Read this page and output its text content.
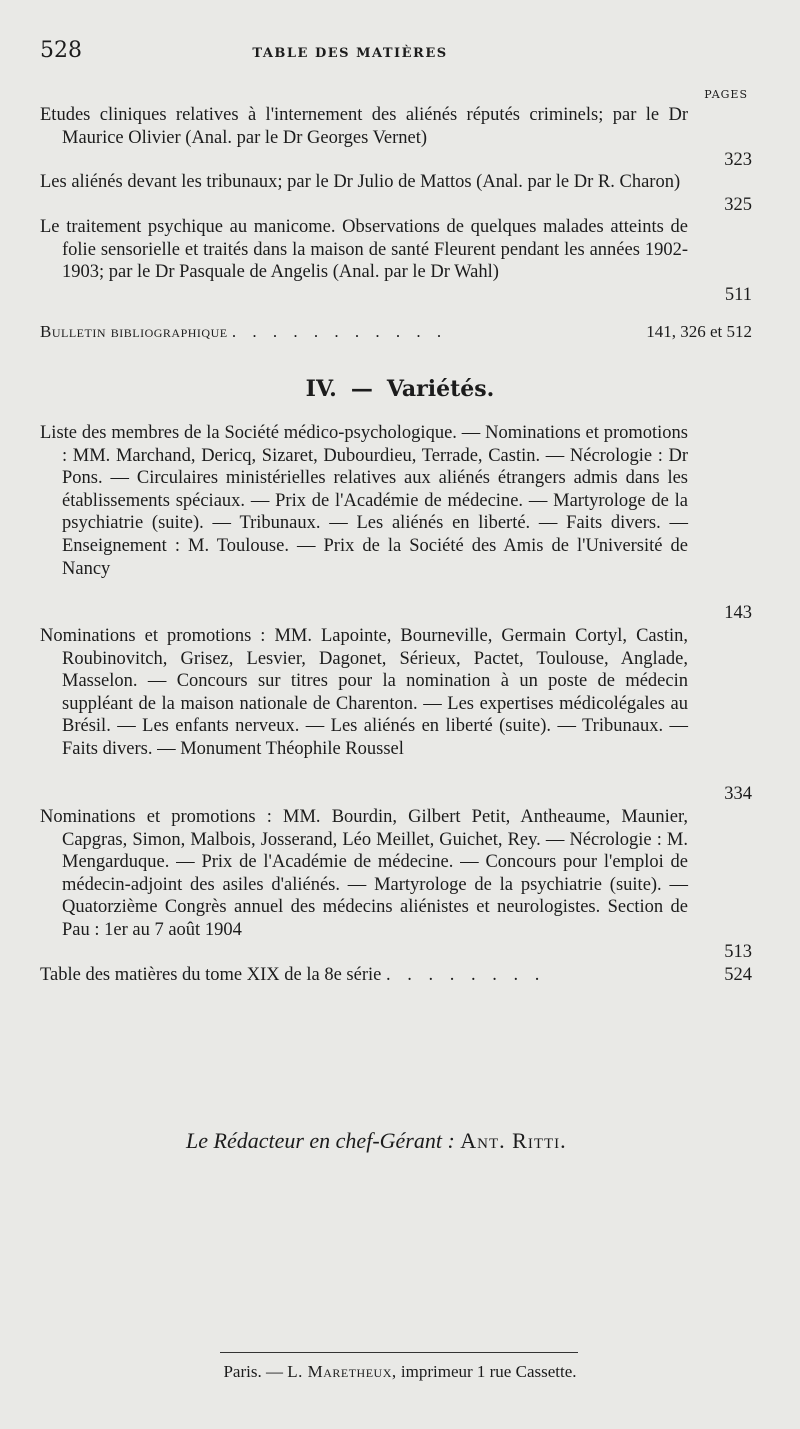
528	TABLE DES MATIÈRES
PAGES
Etudes cliniques relatives à l'internement des aliénés réputés criminels; par le Dr Maurice Olivier (Anal. par le Dr Georges Vernet)
323
Les aliénés devant les tribunaux; par le Dr Julio de Mattos (Anal. par le Dr R. Charon)
325
Le traitement psychique au manicome. Observations de quelques malades atteints de folie sensorielle et traités dans la maison de santé Fleurent pendant les années 1902-1903; par le Dr Pasquale de Angelis (Anal. par le Dr Wahl)
511
Bulletin bibliographique . . . . . . . . . . .	141, 326 et 512
IV. — Variétés.
Liste des membres de la Société médico-psychologique. — Nominations et promotions : MM. Marchand, Dericq, Sizaret, Dubourdieu, Terrade, Castin. — Nécrologie : Dr Pons. — Circulaires ministérielles relatives aux aliénés étrangers admis dans les établissements spéciaux. — Prix de l'Académie de médecine. — Martyrologe de la psychiatrie (suite). — Tribunaux. — Les aliénés en liberté. — Faits divers. — Enseignement : M. Toulouse. — Prix de la Société des Amis de l'Université de Nancy
143
Nominations et promotions : MM. Lapointe, Bourneville, Germain Cortyl, Castin, Roubinovitch, Grisez, Lesvier, Dagonet, Sérieux, Pactet, Toulouse, Anglade, Masselon. — Concours sur titres pour la nomination à un poste de médecin suppléant de la maison nationale de Charenton. — Les expertises médicolégales au Brésil. — Les enfants nerveux. — Les aliénés en liberté (suite). — Tribunaux. — Faits divers. — Monument Théophile Roussel
334
Nominations et promotions : MM. Bourdin, Gilbert Petit, Antheaume, Maunier, Capgras, Simon, Malbois, Josserand, Léo Meillet, Guichet, Rey. — Nécrologie : M. Mengarduque. — Prix de l'Académie de médecine. — Concours pour l'emploi de médecin-adjoint des asiles d'aliénés. — Martyrologe de la psychiatrie (suite). — Quatorzième Congrès annuel des médecins aliénistes et neurologistes. Section de Pau : 1er au 7 août 1904
513
Table des matières du tome XIX de la 8e série . . . . . . . .	524
Le Rédacteur en chef-Gérant : Ant. Ritti.
Paris. — L. Maretheux, imprimeur 1 rue Cassette.
